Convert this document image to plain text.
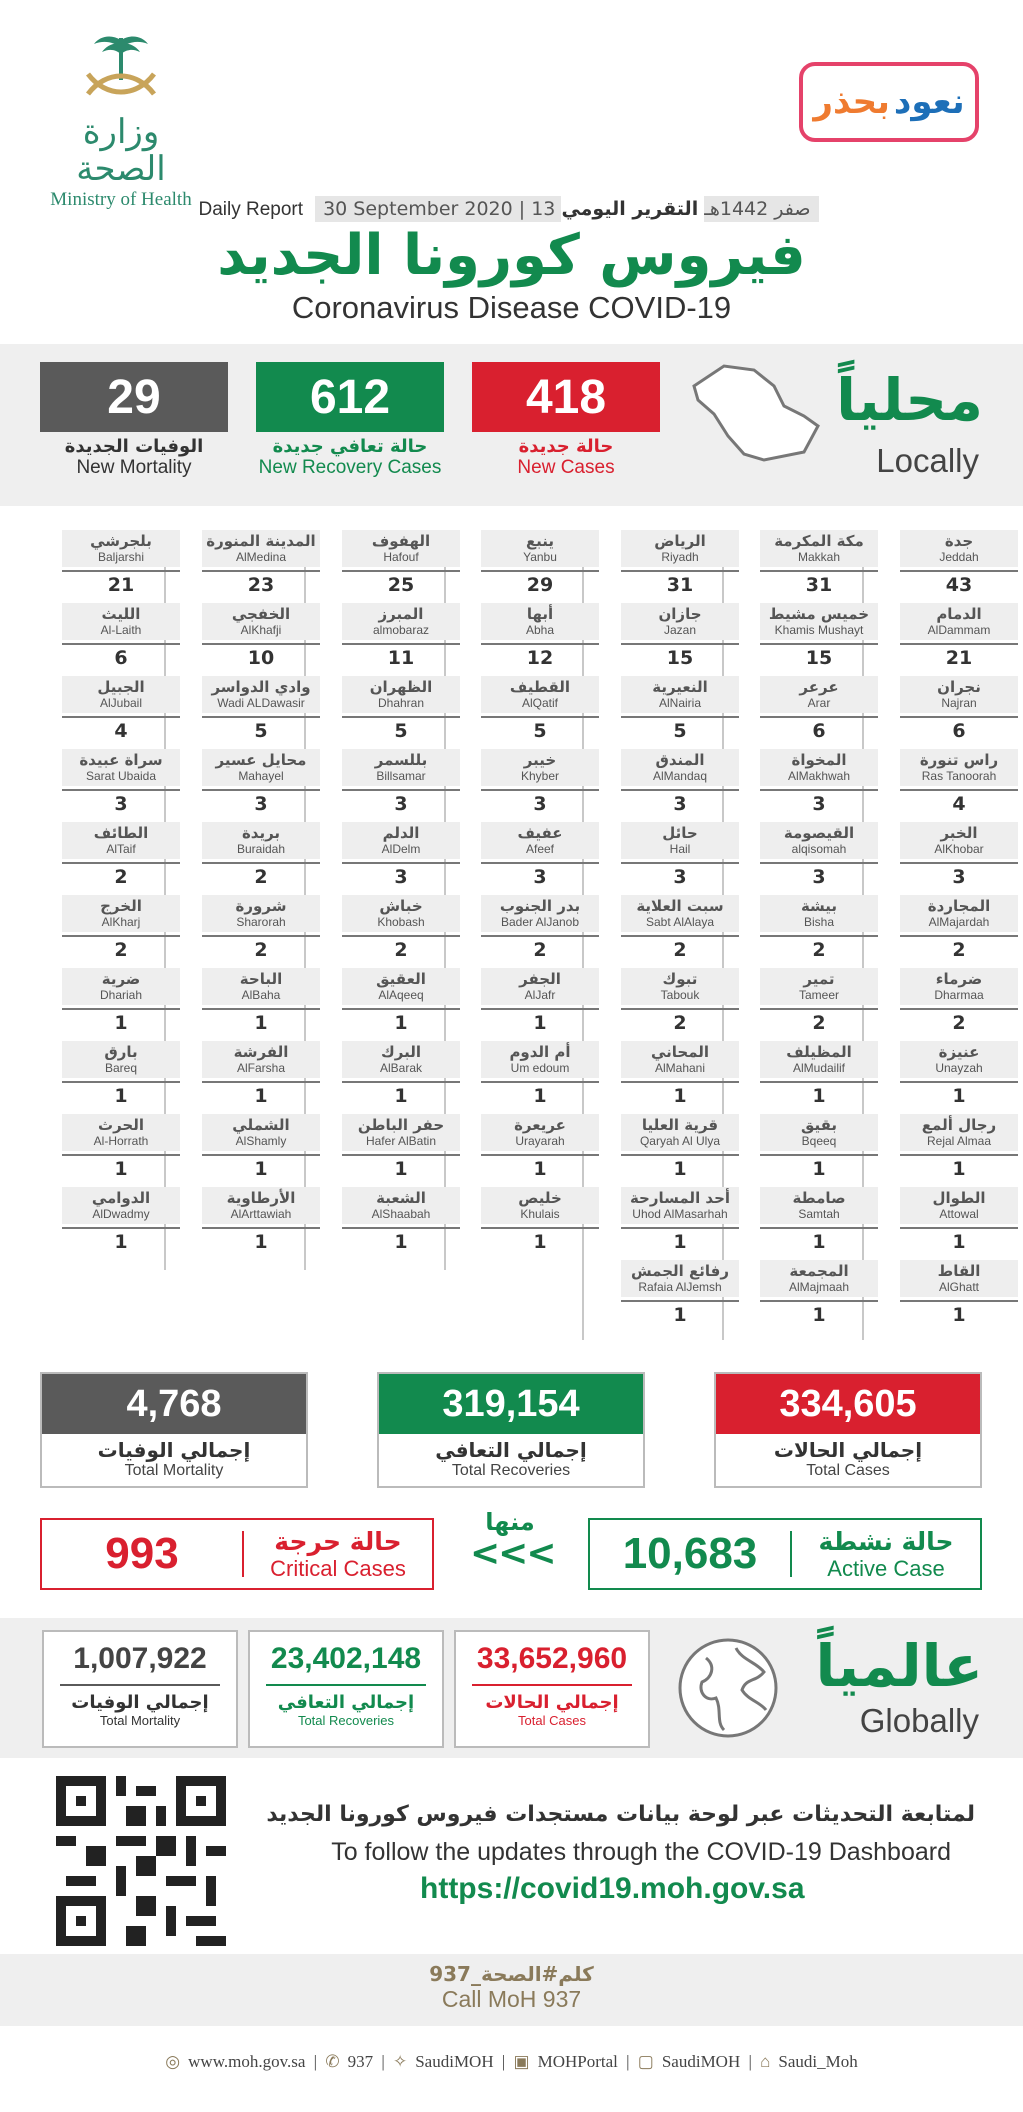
وزارة الصحة
Ministry of Health
بحذر نعود
Daily Report 30 September 2020 | 13 صفر 1442هـ التقرير اليومي
فيروس كورونا الجديد
Coronavirus Disease COVID-19
29
الوفيات الجديدة
New Mortality
612
حالة تعافي جديدة
New Recovery Cases
418
حالة جديدة
New Cases
محلياً
Locally
جدة
Jeddah
43
الدمام
AlDammam
21
نجران
Najran
6
راس تنورة
Ras Tanoorah
4
الخبر
AlKhobar
3
المجاردة
AlMajardah
2
ضرماء
Dharmaa
2
عنيزة
Unayzah
1
رجال ألمع
Rejal Almaa
1
الطوال
Attowal
1
القاط
AlGhatt
1
مكة المكرمة
Makkah
31
خميس مشيط
Khamis Mushayt
15
عرعر
Arar
6
المخواة
AlMakhwah
3
القيصومة
alqisomah
3
بيشة
Bisha
2
تمير
Tameer
2
المظيلف
AlMudailif
1
بقيق
Bqeeq
1
صامطة
Samtah
1
المجمعة
AlMajmaah
1
الرياض
Riyadh
31
جازان
Jazan
15
النعيرية
AlNairia
5
المندق
AlMandaq
3
حائل
Hail
3
سبت العلاية
Sabt AlAlaya
2
تبوك
Tabouk
2
المحاني
AlMahani
1
قرية العليا
Qaryah Al Ulya
1
أحد المسارحة
Uhod AlMasarhah
1
رفائع الجمش
Rafaia AlJemsh
1
ينبع
Yanbu
29
أبها
Abha
12
القطيف
AlQatif
5
خيبر
Khyber
3
عفيف
Afeef
3
بدر الجنوب
Bader AlJanob
2
الجفر
AlJafr
1
أم الدوم
Um edoum
1
عريعرة
Urayarah
1
خليص
Khulais
1
الهفوف
Hafouf
25
المبرز
almobaraz
11
الظهران
Dhahran
5
بللسمر
Billsamar
3
الدلم
AlDelm
3
خباش
Khobash
2
العقيق
AlAqeeq
1
البرك
AlBarak
1
حفر الباطن
Hafer AlBatin
1
الشعبة
AlShaabah
1
المدينة المنورة
AlMedina
23
الخفجي
AlKhafji
10
وادي الدواسر
Wadi ALDawasir
5
محايل عسير
Mahayel
3
بريدة
Buraidah
2
شرورة
Sharorah
2
الباحة
AlBaha
1
الفرشة
AlFarsha
1
الشملي
AlShamly
1
الأرطاوية
AlArttawiah
1
بلجرشي
Baljarshi
21
الليث
Al-Laith
6
الجبيل
AlJubail
4
سراة عبيدة
Sarat Ubaida
3
الطائف
AlTaif
2
الخرج
AlKharj
2
ضرية
Dhariah
1
بارق
Bareq
1
الحرث
Al-Horrath
1
الدوامي
AlDwadmy
1
4,768
إجمالي الوفيات
Total Mortality
319,154
إجمالي التعافي
Total Recoveries
334,605
إجمالي الحالات
Total Cases
993	حالة حرجة
Critical Cases
منها
<<<	10,683	حالة نشطة
Active Case
1,007,922
إجمالي الوفيات
Total Mortality
23,402,148
إجمالي التعافي
Total Recoveries
33,652,960
إجمالي الحالات
Total Cases
عالمياً
Globally
لمتابعة التحديثات عبر لوحة بيانات مستجدات فيروس كورونا الجديد
To follow the updates through the COVID-19 Dashboard
https://covid19.moh.gov.sa
كلم#الصحة_937
Call MoH 937
◎ www.moh.gov.sa | ✆ 937 | ✧ SaudiMOH | ▣ MOHPortal | ▢ SaudiMOH | ⌂ Saudi_Moh
